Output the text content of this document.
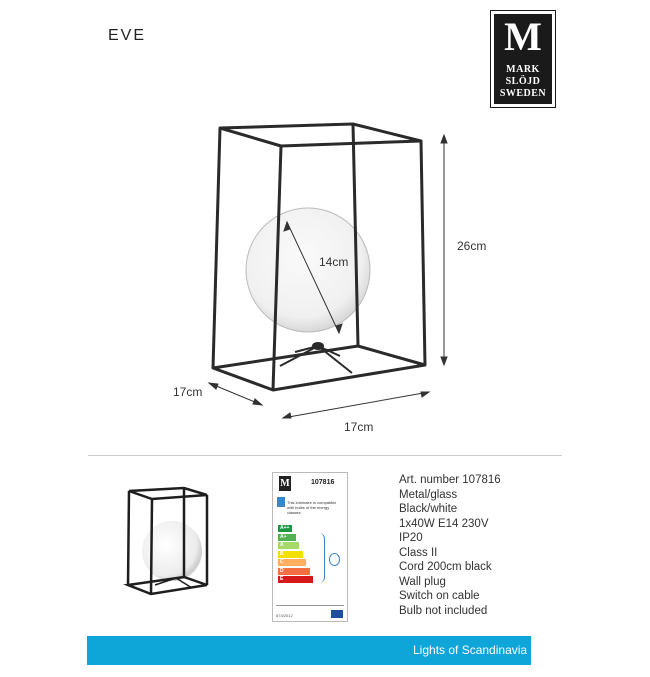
EVE	M
MARK
SLÖJD
SWEDEN
14cm
26cm
17cm
17cm
M	107816
This luminaire is compatible with bulbs of the energy classes:
A++
A+
A
B
C
D
E
874/2012
Art. number 107816
Metal/glass
Black/white
1x40W E14 230V
IP20
Class II
Cord 200cm black
Wall plug
Switch on cable
Bulb not included
Lights of Scandinavia
